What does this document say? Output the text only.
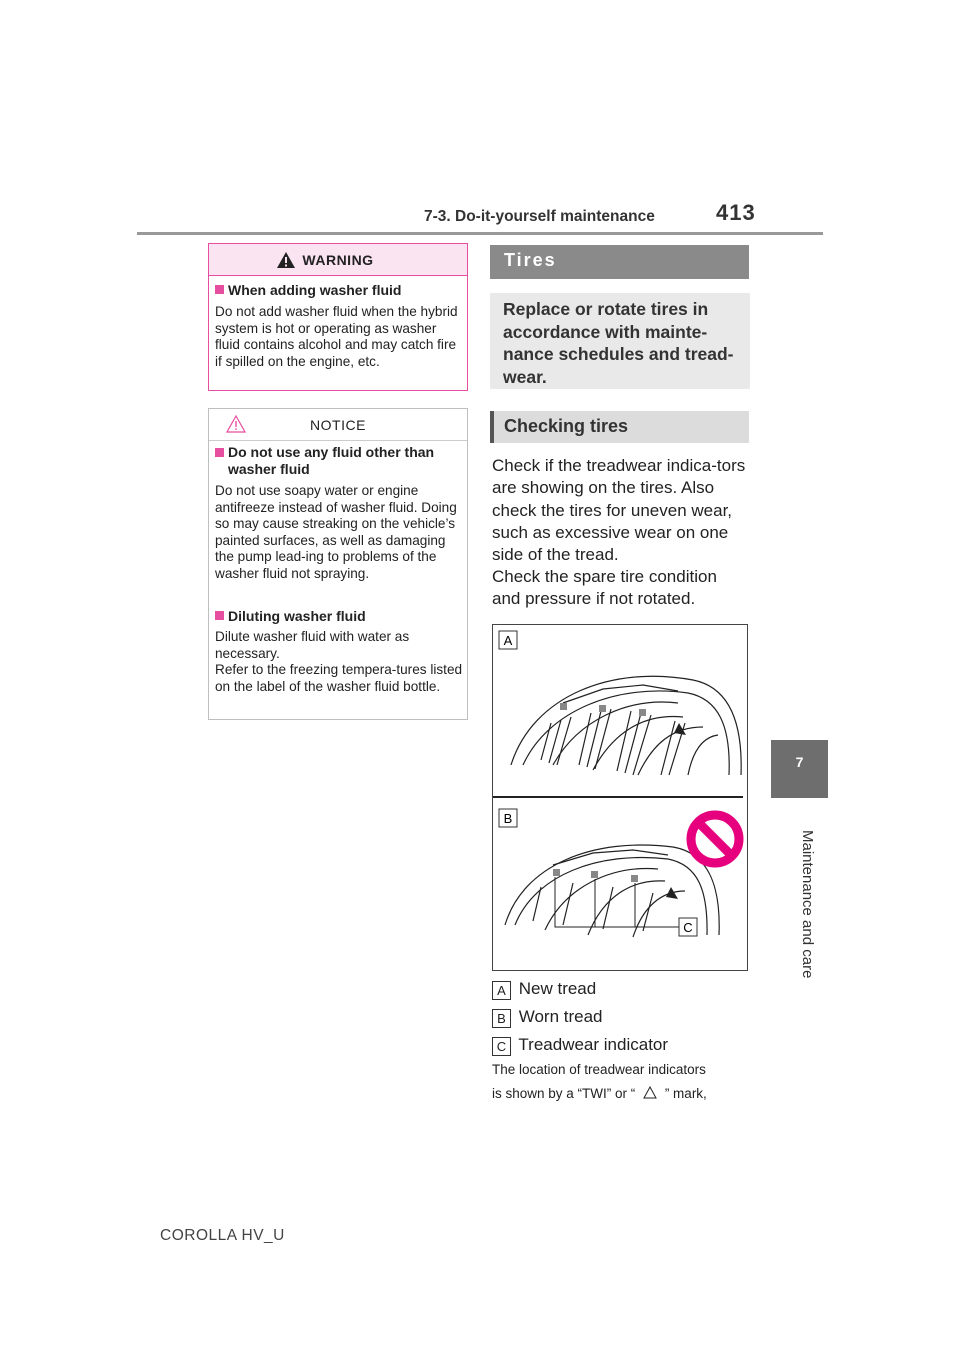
7-3. Do-it-yourself maintenance	413
7
Maintenance and care
WARNING
When adding washer fluid
Do not add washer fluid when the hybrid system is hot or operating as washer fluid contains alcohol and may catch fire if spilled on the engine, etc.
NOTICE
Do not use any fluid other than washer fluid
Do not use soapy water or engine antifreeze instead of washer fluid. Doing so may cause streaking on the vehicle’s painted surfaces, as well as damaging the pump lead-ing to problems of the washer fluid not spraying.
Diluting washer fluid
Dilute washer fluid with water as necessary.
Refer to the freezing tempera-tures listed on the label of the washer fluid bottle.
Tires
Replace or rotate tires in accordance with mainte-nance schedules and tread-wear.
Checking tires
Check if the treadwear indica-tors are showing on the tires. Also check the tires for uneven wear, such as excessive wear on one side of the tread.
Check the spare tire condition and pressure if not rotated.
A
B
C
A New tread
B Worn tread
C Treadwear indicator
The location of treadwear indicators
is shown by a “TWI” or “ ” mark,
COROLLA HV_U
